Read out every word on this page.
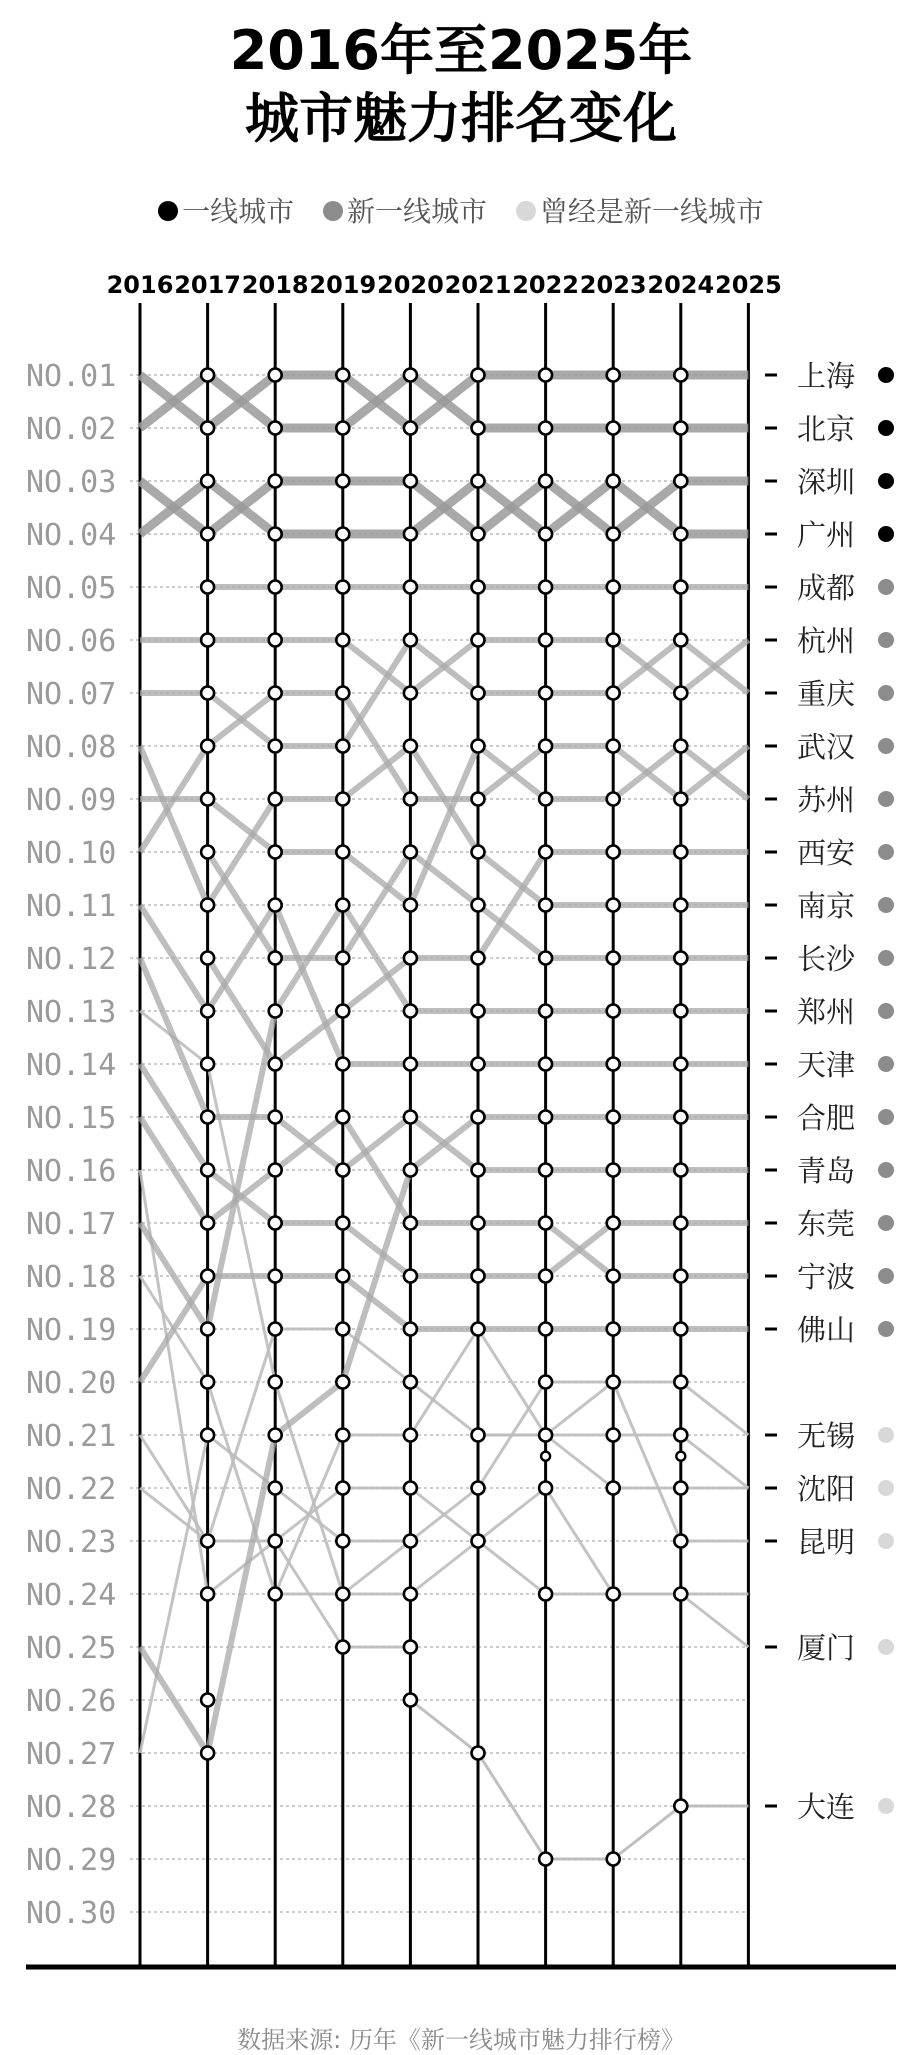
2016年至2025年
城市魅力排名变化
一线城市 新一线城市 曾经是新一线城市
NO.01
NO.02
NO.03
NO.04
NO.05
NO.06
NO.07
NO.08
NO.09
NO.10
NO.11
NO.12
NO.13
NO.14
NO.15
NO.16
NO.17
NO.18
NO.19
NO.20
NO.21
NO.22
NO.23
NO.24
NO.25
NO.26
NO.27
NO.28
NO.29
NO.30
2016 2017 2018 2019 2020 2021 2022 2023 2024 2025
上海
北京
深圳
广州
成都
杭州
重庆
武汉
苏州
西安
南京
长沙
郑州
天津
合肥
青岛
东莞
宁波
佛山
无锡
沈阳
昆明
厦门
大连
数据来源: 历年《新一线城市魅力排行榜》
